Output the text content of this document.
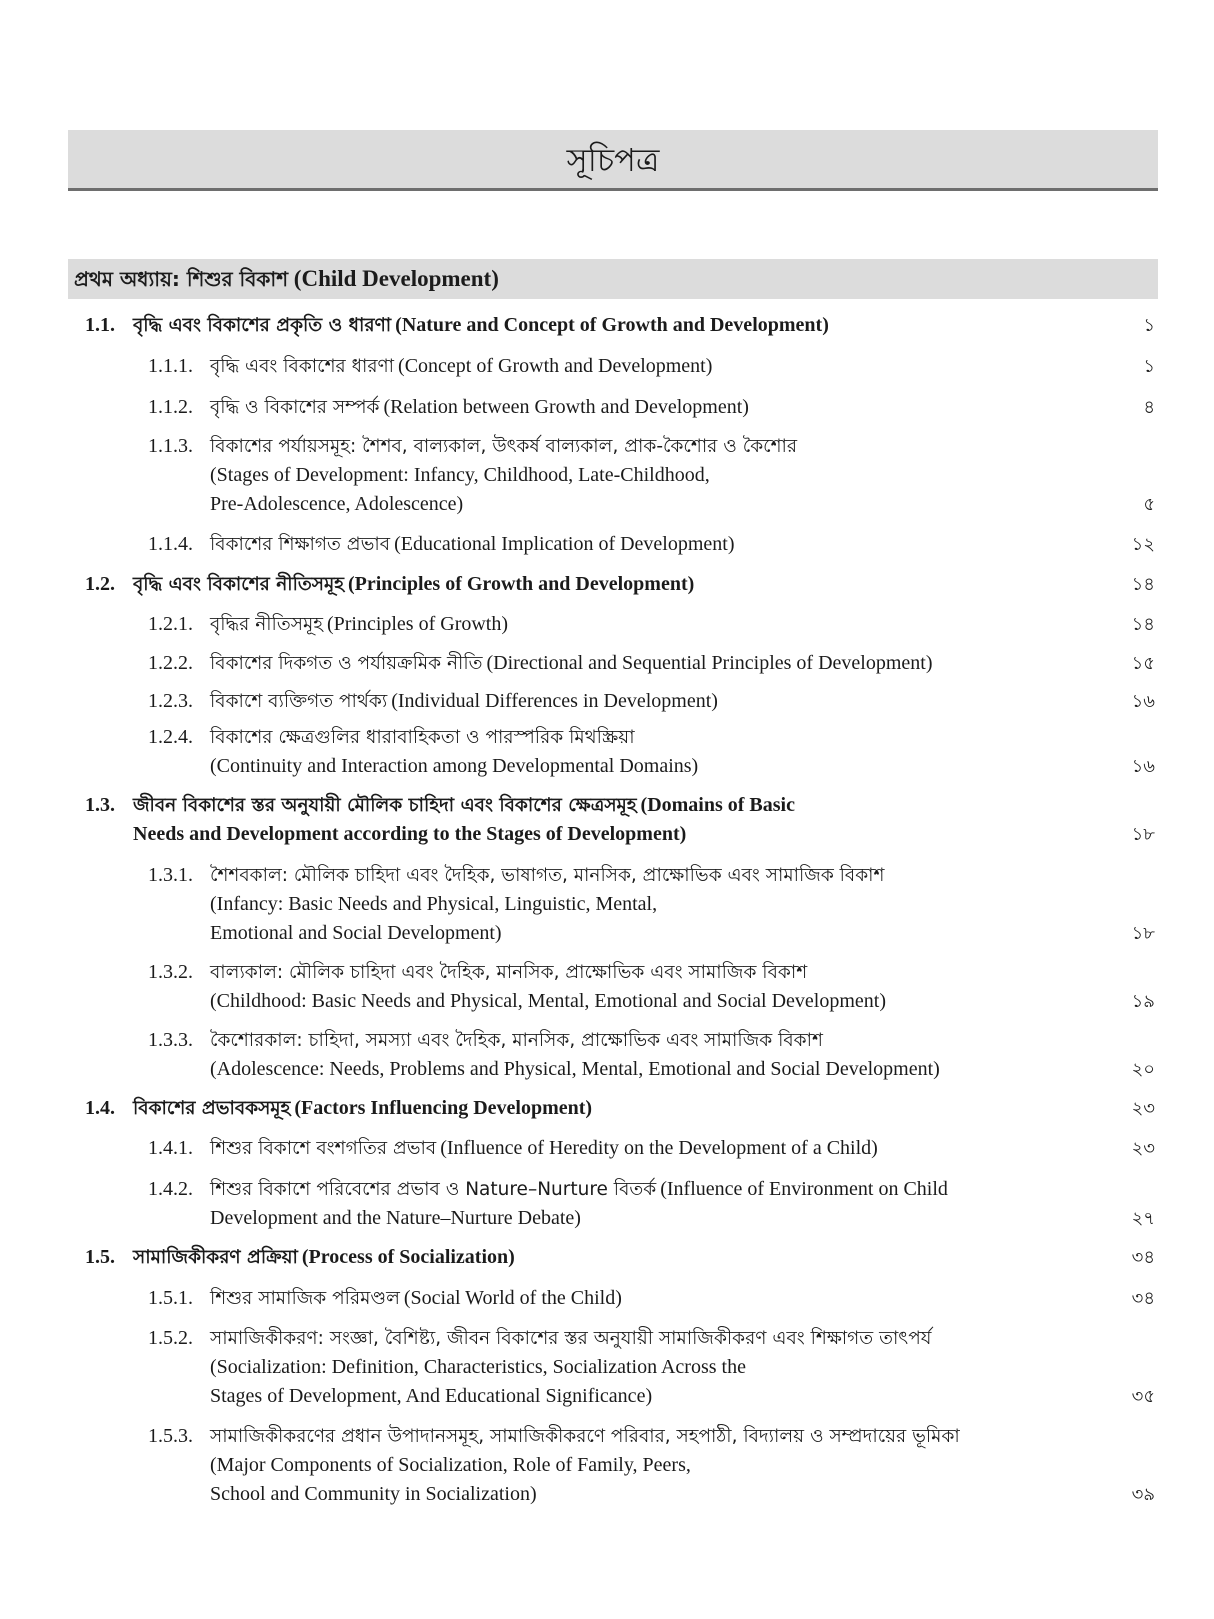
সূচিপত্র
প্রথম অধ্যায়: শিশুর বিকাশ (Child Development)
1.1. বৃদ্ধি এবং বিকাশের প্রকৃতি ও ধারণা (Nature and Concept of Growth and Development)	১
1.1.1. বৃদ্ধি এবং বিকাশের ধারণা (Concept of Growth and Development)	১
1.1.2. বৃদ্ধি ও বিকাশের সম্পর্ক (Relation between Growth and Development)	৪
1.1.3. বিকাশের পর্যায়সমূহ: শৈশব, বাল্যকাল, উৎকর্ষ বাল্যকাল, প্রাক-কৈশোর ও কৈশোর
(Stages of Development: Infancy, Childhood, Late-Childhood,
Pre-Adolescence, Adolescence)	৫
1.1.4. বিকাশের শিক্ষাগত প্রভাব (Educational Implication of Development)	১২
1.2. বৃদ্ধি এবং বিকাশের নীতিসমূহ (Principles of Growth and Development)	১৪
1.2.1. বৃদ্ধির নীতিসমূহ (Principles of Growth)	১৪
1.2.2. বিকাশের দিকগত ও পর্যায়ক্রমিক নীতি (Directional and Sequential Principles of Development)	১৫
1.2.3. বিকাশে ব্যক্তিগত পার্থক্য (Individual Differences in Development)	১৬
1.2.4. বিকাশের ক্ষেত্রগুলির ধারাবাহিকতা ও পারস্পরিক মিথস্ক্রিয়া
(Continuity and Interaction among Developmental Domains)	১৬
1.3. জীবন বিকাশের স্তর অনুযায়ী মৌলিক চাহিদা এবং বিকাশের ক্ষেত্রসমূহ (Domains of Basic
Needs and Development according to the Stages of Development)	১৮
1.3.1. শৈশবকাল: মৌলিক চাহিদা এবং দৈহিক, ভাষাগত, মানসিক, প্রাক্ষোভিক এবং সামাজিক বিকাশ
(Infancy: Basic Needs and Physical, Linguistic, Mental,
Emotional and Social Development)	১৮
1.3.2. বাল্যকাল: মৌলিক চাহিদা এবং দৈহিক, মানসিক, প্রাক্ষোভিক এবং সামাজিক বিকাশ
(Childhood: Basic Needs and Physical, Mental, Emotional and Social Development)	১৯
1.3.3. কৈশোরকাল: চাহিদা, সমস্যা এবং দৈহিক, মানসিক, প্রাক্ষোভিক এবং সামাজিক বিকাশ
(Adolescence: Needs, Problems and Physical, Mental, Emotional and Social Development)	২০
1.4. বিকাশের প্রভাবকসমূহ (Factors Influencing Development)	২৩
1.4.1. শিশুর বিকাশে বংশগতির প্রভাব (Influence of Heredity on the Development of a Child)	২৩
1.4.2. শিশুর বিকাশে পরিবেশের প্রভাব ও Nature–Nurture বিতর্ক (Influence of Environment on Child
Development and the Nature–Nurture Debate)	২৭
1.5. সামাজিকীকরণ প্রক্রিয়া (Process of Socialization)	৩৪
1.5.1. শিশুর সামাজিক পরিমণ্ডল (Social World of the Child)	৩৪
1.5.2. সামাজিকীকরণ: সংজ্ঞা, বৈশিষ্ট্য, জীবন বিকাশের স্তর অনুযায়ী সামাজিকীকরণ এবং শিক্ষাগত তাৎপর্য
(Socialization: Definition, Characteristics, Socialization Across the
Stages of Development, And Educational Significance)	৩৫
1.5.3. সামাজিকীকরণের প্রধান উপাদানসমূহ, সামাজিকীকরণে পরিবার, সহপাঠী, বিদ্যালয় ও সম্প্রদায়ের ভূমিকা
(Major Components of Socialization, Role of Family, Peers,
School and Community in Socialization)	৩৯
